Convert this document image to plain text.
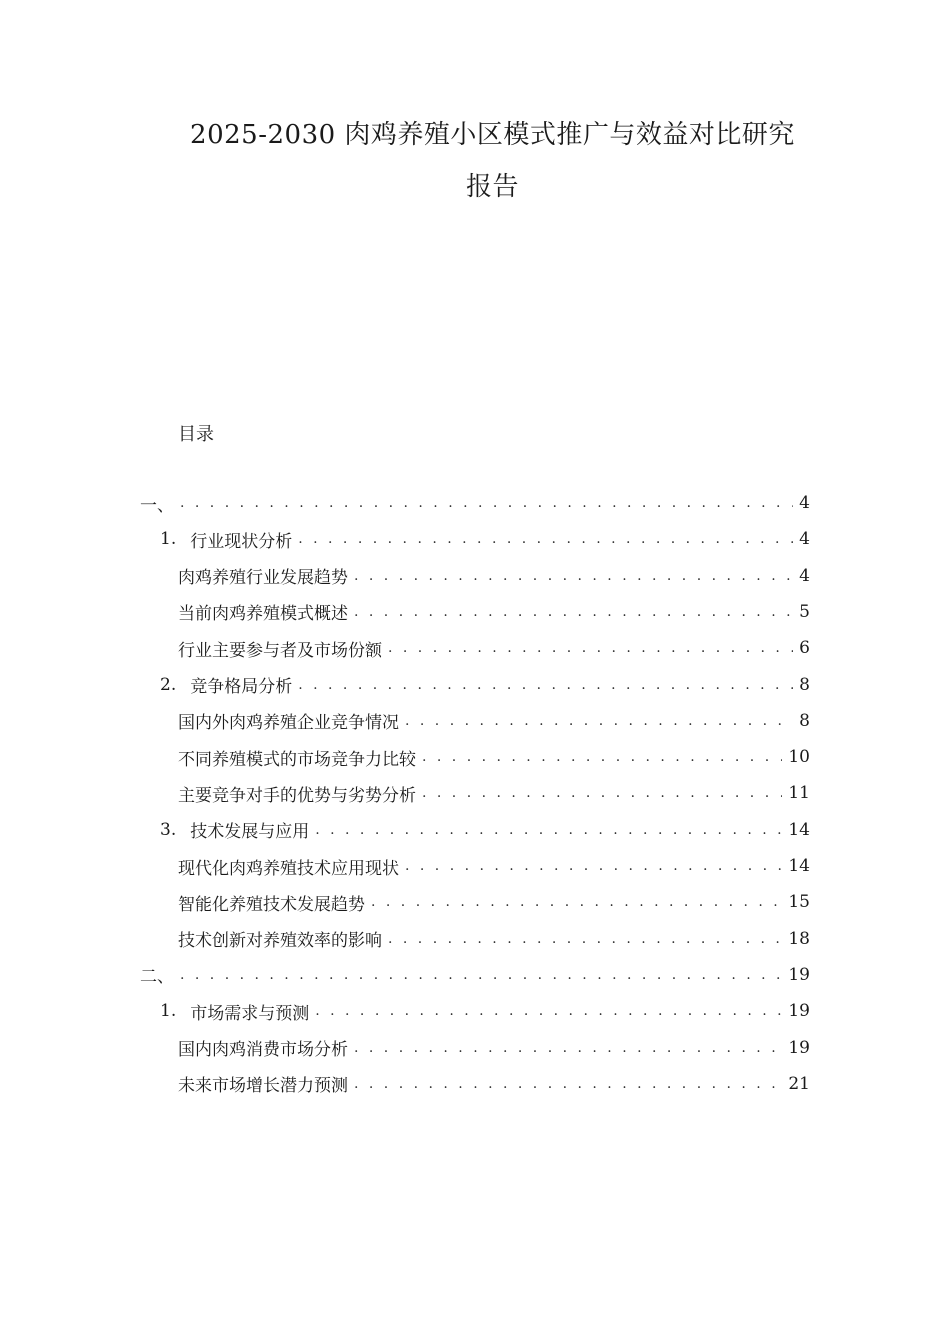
2025-2030 肉鸡养殖小区模式推广与效益对比研究
报告
目录
一、 . . .	4
1. 行业现状分析 . . .	4
肉鸡养殖行业发展趋势 . . .	4
当前肉鸡养殖模式概述 . . .	5
行业主要参与者及市场份额 . . .	6
2. 竞争格局分析 . . .	8
国内外肉鸡养殖企业竞争情况 . . .	8
不同养殖模式的市场竞争力比较 . . .	10
主要竞争对手的优势与劣势分析 . . .	11
3. 技术发展与应用 . . .	14
现代化肉鸡养殖技术应用现状 . . .	14
智能化养殖技术发展趋势 . . .	15
技术创新对养殖效率的影响 . . .	18
二、 . . .	19
1. 市场需求与预测 . . .	19
国内肉鸡消费市场分析 . . .	19
未来市场增长潜力预测 . . .	21
